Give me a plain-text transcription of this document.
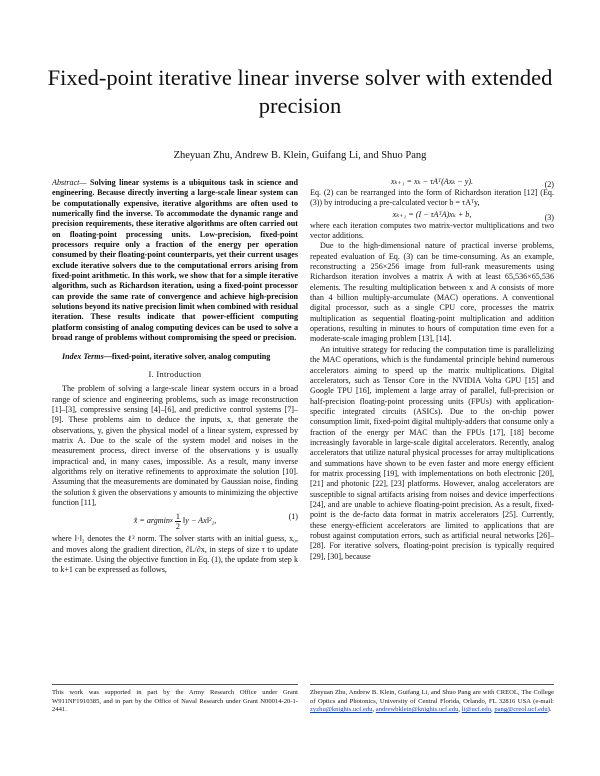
Fixed-point iterative linear inverse solver with extended precision
Zheyuan Zhu, Andrew B. Klein, Guifang Li, and Shuo Pang

Abstract— Solving linear systems is a ubiquitous task in science and engineering. Because directly inverting a large-scale linear system can be computationally expensive, iterative algorithms are often used to numerically find the inverse. To accommodate the dynamic range and precision requirements, these iterative algorithms are often carried out on floating-point processing units. Low-precision, fixed-point processors require only a fraction of the energy per operation consumed by their floating-point counterparts, yet their current usages exclude iterative solvers due to the computational errors arising from fixed-point arithmetic. In this work, we show that for a simple iterative algorithm, such as Richardson iteration, using a fixed-point processor can provide the same rate of convergence and achieve high-precision solutions beyond its native precision limit when combined with residual iteration. These results indicate that power-efficient computing platform consisting of analog computing devices can be used to solve a broad range of problems without compromising the speed or precision.

Index Terms—fixed-point, iterative solver, analog computing

I. Introduction

The problem of solving a large-scale linear system occurs in a broad range of science and engineering problems, such as image reconstruction [1]–[3], compressive sensing [4]–[6], and predictive control systems [7]–[9]. These problems aim to deduce the inputs, x, that generate the observations, y, given the physical model of a linear system, expressed by matrix A. Due to the scale of the system model and noises in the measurement process, direct inverse of the observations y is usually impractical and, in many cases, impossible. As a result, many inverse algorithms rely on iterative refinements to approximate the solution [10]. Assuming that the measurements are dominated by Gaussian noise, finding the solution x̂ given the observations y amounts to minimizing the objective function [11],

x̂ = argmin x $\frac{1}{2}$ ‖y − Ax‖²₂,	(1)

where ‖·‖₂ denotes the ℓ² norm. The solver starts with an initial guess, x₀, and moves along the gradient direction, ∂L/∂x, in steps of size τ to update the estimate. Using the objective function in Eq. (1), the update from step k to k+1 can be expressed as follows,

xₖ₊₁ = xₖ − τAᵀ(Axₖ − y).	(2)

Eq. (2) can be rearranged into the form of Richardson iteration [12] (Eq. (3)) by introducing a pre-calculated vector b = τAᵀy,

xₖ₊₁ = (I − τAᵀA)xₖ + b,	(3)

where each iteration computes two matrix-vector multiplications and two vector additions.

Due to the high-dimensional nature of practical inverse problems, repeated evaluation of Eq. (3) can be time-consuming. As an example, reconstructing a 256×256 image from full-rank measurements using Richardson iteration involves a matrix A with at least 65,536×65,536 elements. The resulting multiplication between x and A consists of more than 4 billion multiply-accumulate (MAC) operations. A conventional digital processor, such as a single CPU core, processes the matrix multiplication as sequential floating-point multiplication and addition operations, resulting in minutes to hours of computation time even for a moderate-scale imaging problem [13], [14].

An intuitive strategy for reducing the computation time is parallelizing the MAC operations, which is the fundamental principle behind numerous accelerators aiming to speed up the matrix multiplications. Digital accelerators, such as Tensor Core in the NVIDIA Volta GPU [15] and Google TPU [16], implement a large array of parallel, full-precision or half-precision floating-point processing units (FPUs) with application-specific integrated circuits (ASICs). Due to the on-chip power consumption limit, fixed-point digital multiply-adders that consume only a fraction of the energy per MAC than the FPUs [17], [18] become increasingly favorable in large-scale digital accelerators. Recently, analog accelerators that utilize natural physical processes for array multiplications and summations have shown to be even faster and more energy efficient for matrix processing [19], with implementations on both electronic [20], [21] and photonic [22], [23] platforms. However, analog accelerators are susceptible to signal artifacts arising from noises and device imperfections [24], and are unable to achieve floating-point precision. As a result, fixed-point is the de-facto data format in matrix accelerators [25]. Currently, these energy-efficient accelerators are limited to applications that are robust against computation errors, such as artificial neural networks [26]–[28]. For iterative solvers, floating-point precision is typically required [29], [30], because

This work was supported in part by the Army Research Office under Grant W911NF1910385, and in part by the Office of Naval Research under Grant N00014-20-1-2441.
Zheyuan Zhu, Andrew B. Klein, Guifang Li, and Shuo Pang are with CREOL, The College of Optics and Photonics, University of Central Florida, Orlando, FL 32816 USA (e-mail: zyzhu@knights.ucf.edu, andrewbklein@knights.ucf.edu, li@ucf.edu, pang@creol.ucf.edu).
